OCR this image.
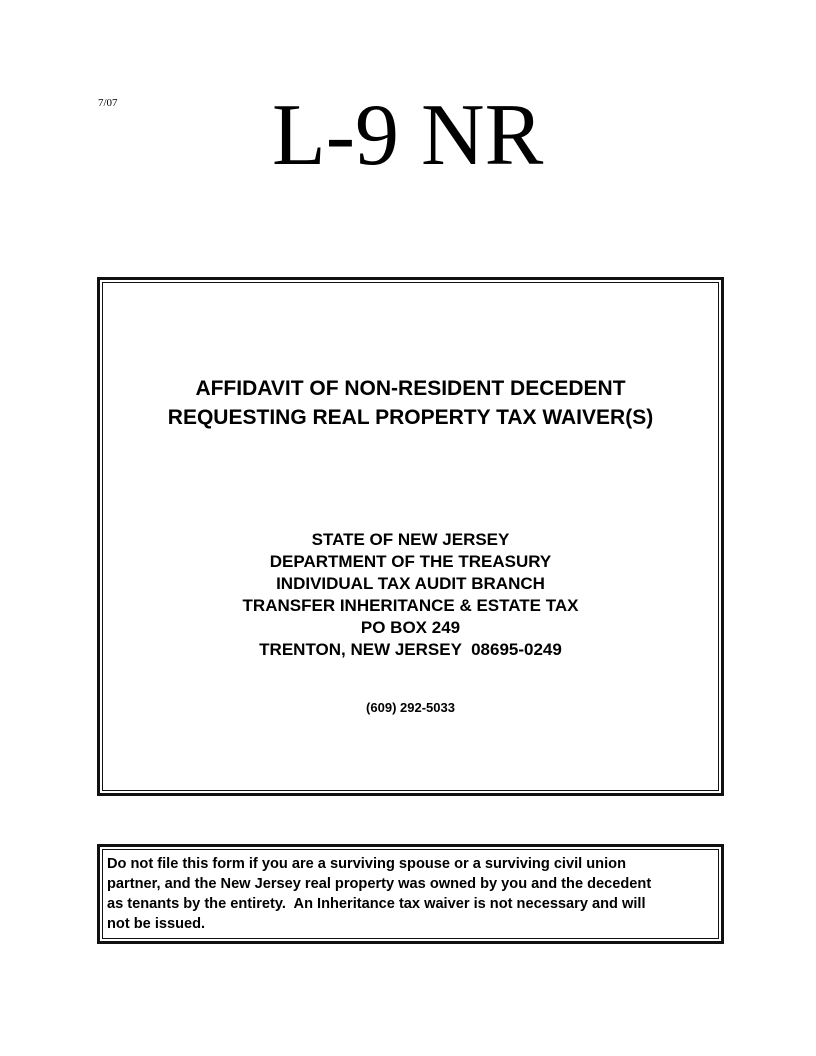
7/07 L-9 NR
AFFIDAVIT OF NON-RESIDENT DECEDENT
REQUESTING REAL PROPERTY TAX WAIVER(S)
STATE OF NEW JERSEY
DEPARTMENT OF THE TREASURY
INDIVIDUAL TAX AUDIT BRANCH
TRANSFER INHERITANCE & ESTATE TAX
PO BOX 249
TRENTON, NEW JERSEY  08695-0249
(609) 292-5033
Do not file this form if you are a surviving spouse or a surviving civil union
partner, and the New Jersey real property was owned by you and the decedent
as tenants by the entirety.  An Inheritance tax waiver is not necessary and will
not be issued.
